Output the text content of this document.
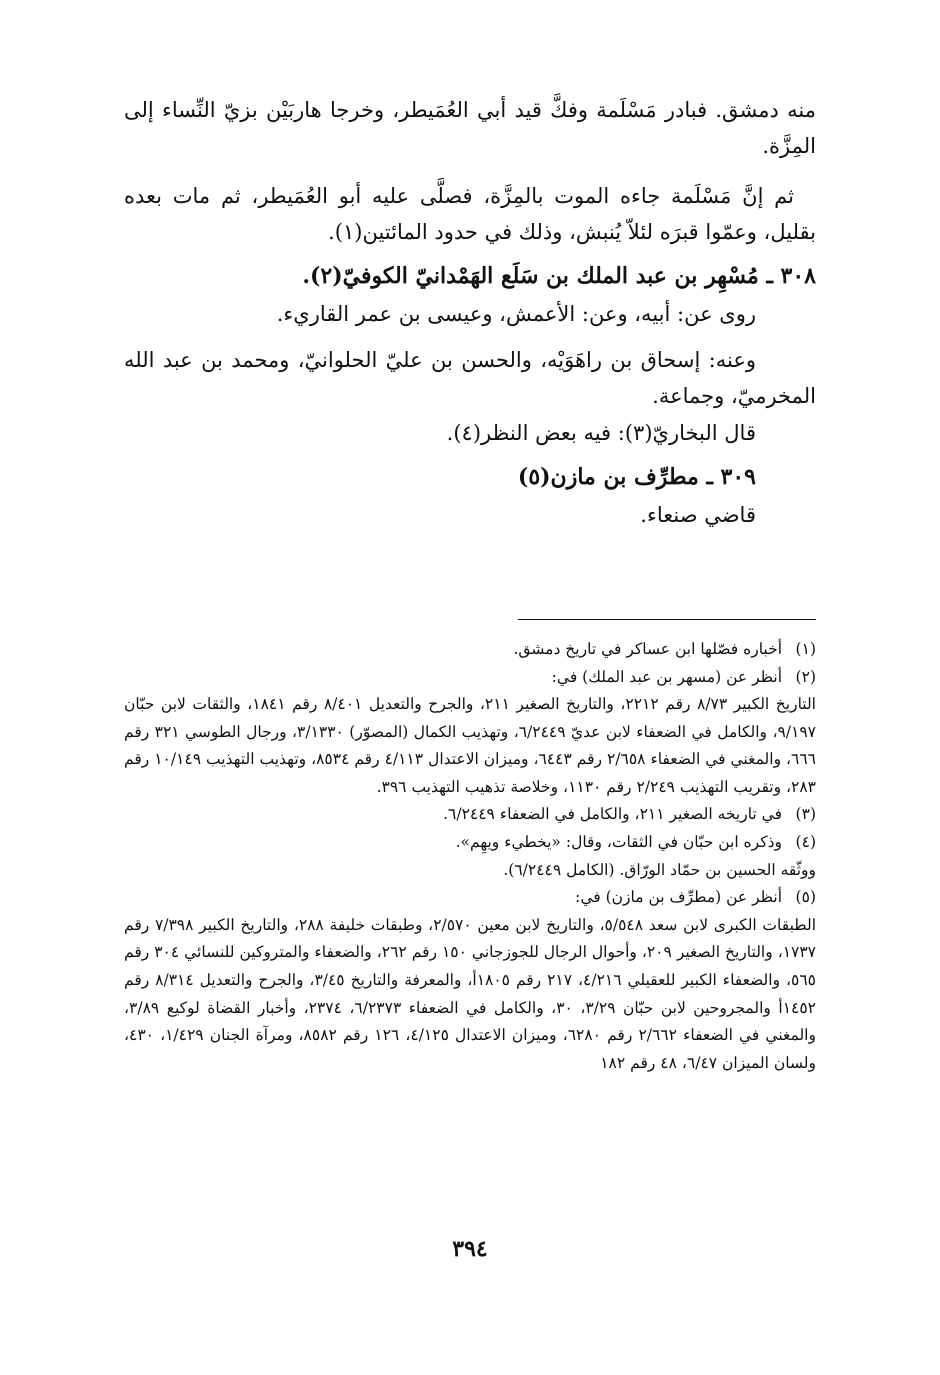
منه دمشق. فبادر مَسْلَمة وفكَّ قيد أبي العُمَيطر، وخرجا هاربَيْن بزيّ النِّساء إلى المِزَّة.

ثم إنَّ مَسْلَمة جاءه الموت بالمِزَّة، فصلَّى عليه أبو العُمَيطر، ثم مات بعده بقليل، وعمّوا قبرَه لئلاّ يُنبش، وذلك في حدود المائتين(١).

٣٠٨ ـ مُسْهِر بن عبد الملك بن سَلَع الهَمْدانيّ الكوفيّ(٢).

روى عن: أبيه، وعن: الأعمش، وعيسى بن عمر القاريء.

وعنه: إسحاق بن راهَوَيْه، والحسن بن عليّ الحلوانيّ، ومحمد بن عبد الله المخرميّ، وجماعة.

قال البخاريّ(٣): فيه بعض النظر(٤).

٣٠٩ ـ مطرِّف بن مازن(٥)

قاضي صنعاء.

(١)
أخباره فصّلها ابن عساكر في تاريخ دمشق.
(٢)
أنظر عن (مسهر بن عبد الملك) في:
التاريخ الكبير ٨/٧٣ رقم ٢٢١٢، والتاريخ الصغير ٢١١، والجرح والتعديل ٨/٤٠١ رقم ١٨٤١، والثقات لابن حبّان ٩/١٩٧، والكامل في الضعفاء لابن عديّ ٦/٢٤٤٩، وتهذيب الكمال (المصوّر) ٣/١٣٣٠، ورجال الطوسي ٣٢١ رقم ٦٦٦، والمغني في الضعفاء ٢/٦٥٨ رقم ٦٤٤٣، وميزان الاعتدال ٤/١١٣ رقم ٨٥٣٤، وتهذيب التهذيب ١٠/١٤٩ رقم ٢٨٣، وتقريب التهذيب ٢/٢٤٩ رقم ١١٣٠، وخلاصة تذهيب التهذيب ٣٩٦.
(٣)
في تاريخه الصغير ٢١١، والكامل في الضعفاء ٦/٢٤٤٩.
(٤)
وذكره ابن حبّان في الثقات، وقال: «يخطيء ويهِم».
ووثّقه الحسين بن حمّاد الورّاق. (الكامل ٦/٢٤٤٩).
(٥)
أنظر عن (مطرِّف بن مازن) في:
الطبقات الكبرى لابن سعد ٥/٥٤٨، والتاريخ لابن معين ٢/٥٧٠، وطبقات خليفة ٢٨٨، والتاريخ الكبير ٧/٣٩٨ رقم ١٧٣٧، والتاريخ الصغير ٢٠٩، وأحوال الرجال للجوزجاني ١٥٠ رقم ٢٦٢، والضعفاء والمتروكين للنسائي ٣٠٤ رقم ٥٦٥، والضعفاء الكبير للعقيلي ٤/٢١٦، ٢١٧ رقم ١٨٠٥أ، والمعرفة والتاريخ ٣/٤٥، والجرح والتعديل ٨/٣١٤ رقم ١٤٥٢أ والمجروحين لابن حبّان ٣/٢٩، ٣٠، والكامل في الضعفاء ٦/٢٣٧٣، ٢٣٧٤، وأخبار القضاة لوكيع ٣/٨٩، والمغني في الضعفاء ٢/٦٦٢ رقم ٦٢٨٠، وميزان الاعتدال ٤/١٢٥، ١٢٦ رقم ٨٥٨٢، ومرآة الجنان ١/٤٢٩، ٤٣٠، ولسان الميزان ٦/٤٧، ٤٨ رقم ١٨٢
٣٩٤
